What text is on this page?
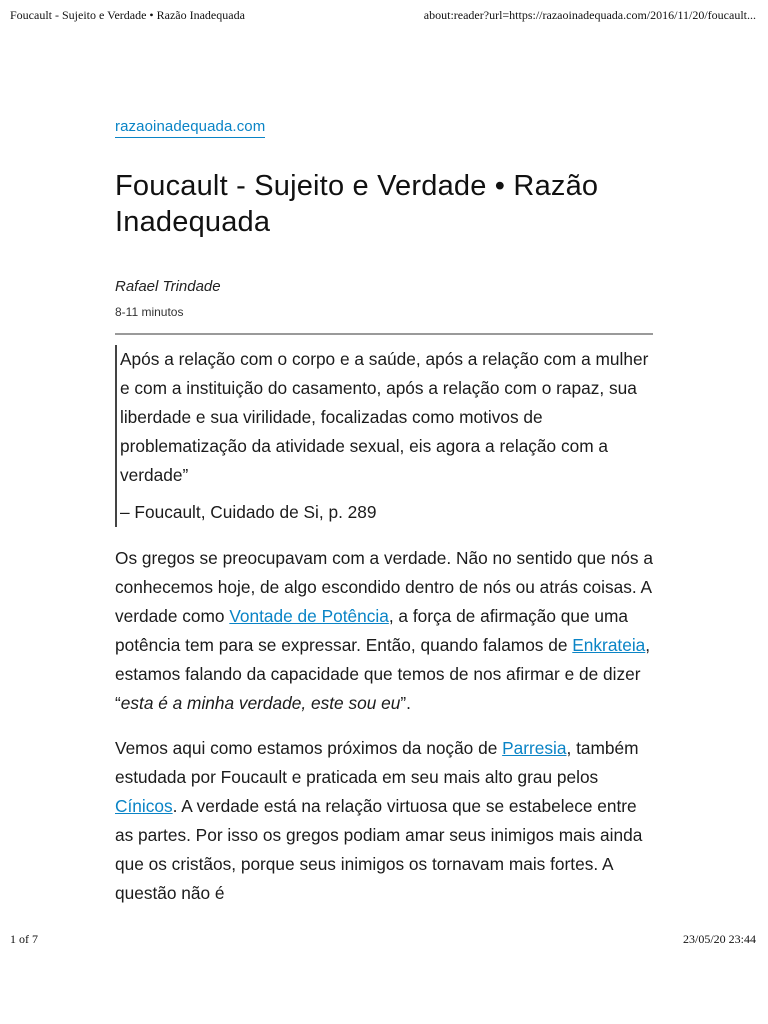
Foucault - Sujeito e Verdade • Razão Inadequada	about:reader?url=https://razaoinadequada.com/2016/11/20/foucault...
razaoinadequada.com
Foucault - Sujeito e Verdade • Razão Inadequada
Rafael Trindade
8-11 minutos

Após a relação com o corpo e a saúde, após a relação com a mulher e com a instituição do casamento, após a relação com o rapaz, sua liberdade e sua virilidade, focalizadas como motivos de problematização da atividade sexual, eis agora a relação com a verdade”

– Foucault, Cuidado de Si, p. 289

Os gregos se preocupavam com a verdade. Não no sentido que nós a conhecemos hoje, de algo escondido dentro de nós ou atrás coisas. A verdade como Vontade de Potência, a força de afirmação que uma potência tem para se expressar. Então, quando falamos de Enkrateia, estamos falando da capacidade que temos de nos afirmar e de dizer “esta é a minha verdade, este sou eu”.

Vemos aqui como estamos próximos da noção de Parresia, também estudada por Foucault e praticada em seu mais alto grau pelos Cínicos. A verdade está na relação virtuosa que se estabelece entre as partes. Por isso os gregos podiam amar seus inimigos mais ainda que os cristãos, porque seus inimigos os tornavam mais fortes. A questão não é

1 of 7	23/05/20 23:44
